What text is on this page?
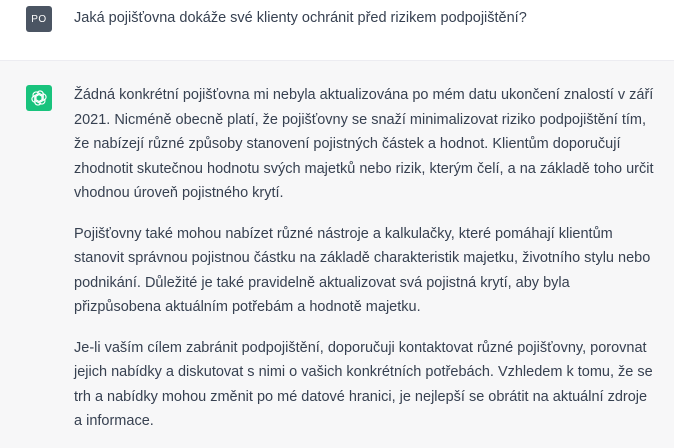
PO	Jaká pojišťovna dokáže své klienty ochránit před rizikem podpojištění?

Žádná konkrétní pojišťovna mi nebyla aktualizována po mém datu ukončení znalostí v září 2021. Nicméně obecně platí, že pojišťovny se snaží minimalizovat riziko podpojištění tím, že nabízejí různé způsoby stanovení pojistných částek a hodnot. Klientům doporučují zhodnotit skutečnou hodnotu svých majetků nebo rizik, kterým čelí, a na základě toho určit vhodnou úroveň pojistného krytí.

Pojišťovny také mohou nabízet různé nástroje a kalkulačky, které pomáhají klientům stanovit správnou pojistnou částku na základě charakteristik majetku, životního stylu nebo podnikání. Důležité je také pravidelně aktualizovat svá pojistná krytí, aby byla přizpůsobena aktuálním potřebám a hodnotě majetku.

Je-li vaším cílem zabránit podpojištění, doporučuji kontaktovat různé pojišťovny, porovnat jejich nabídky a diskutovat s nimi o vašich konkrétních potřebách. Vzhledem k tomu, že se trh a nabídky mohou změnit po mé datové hranici, je nejlepší se obrátit na aktuální zdroje a informace.
